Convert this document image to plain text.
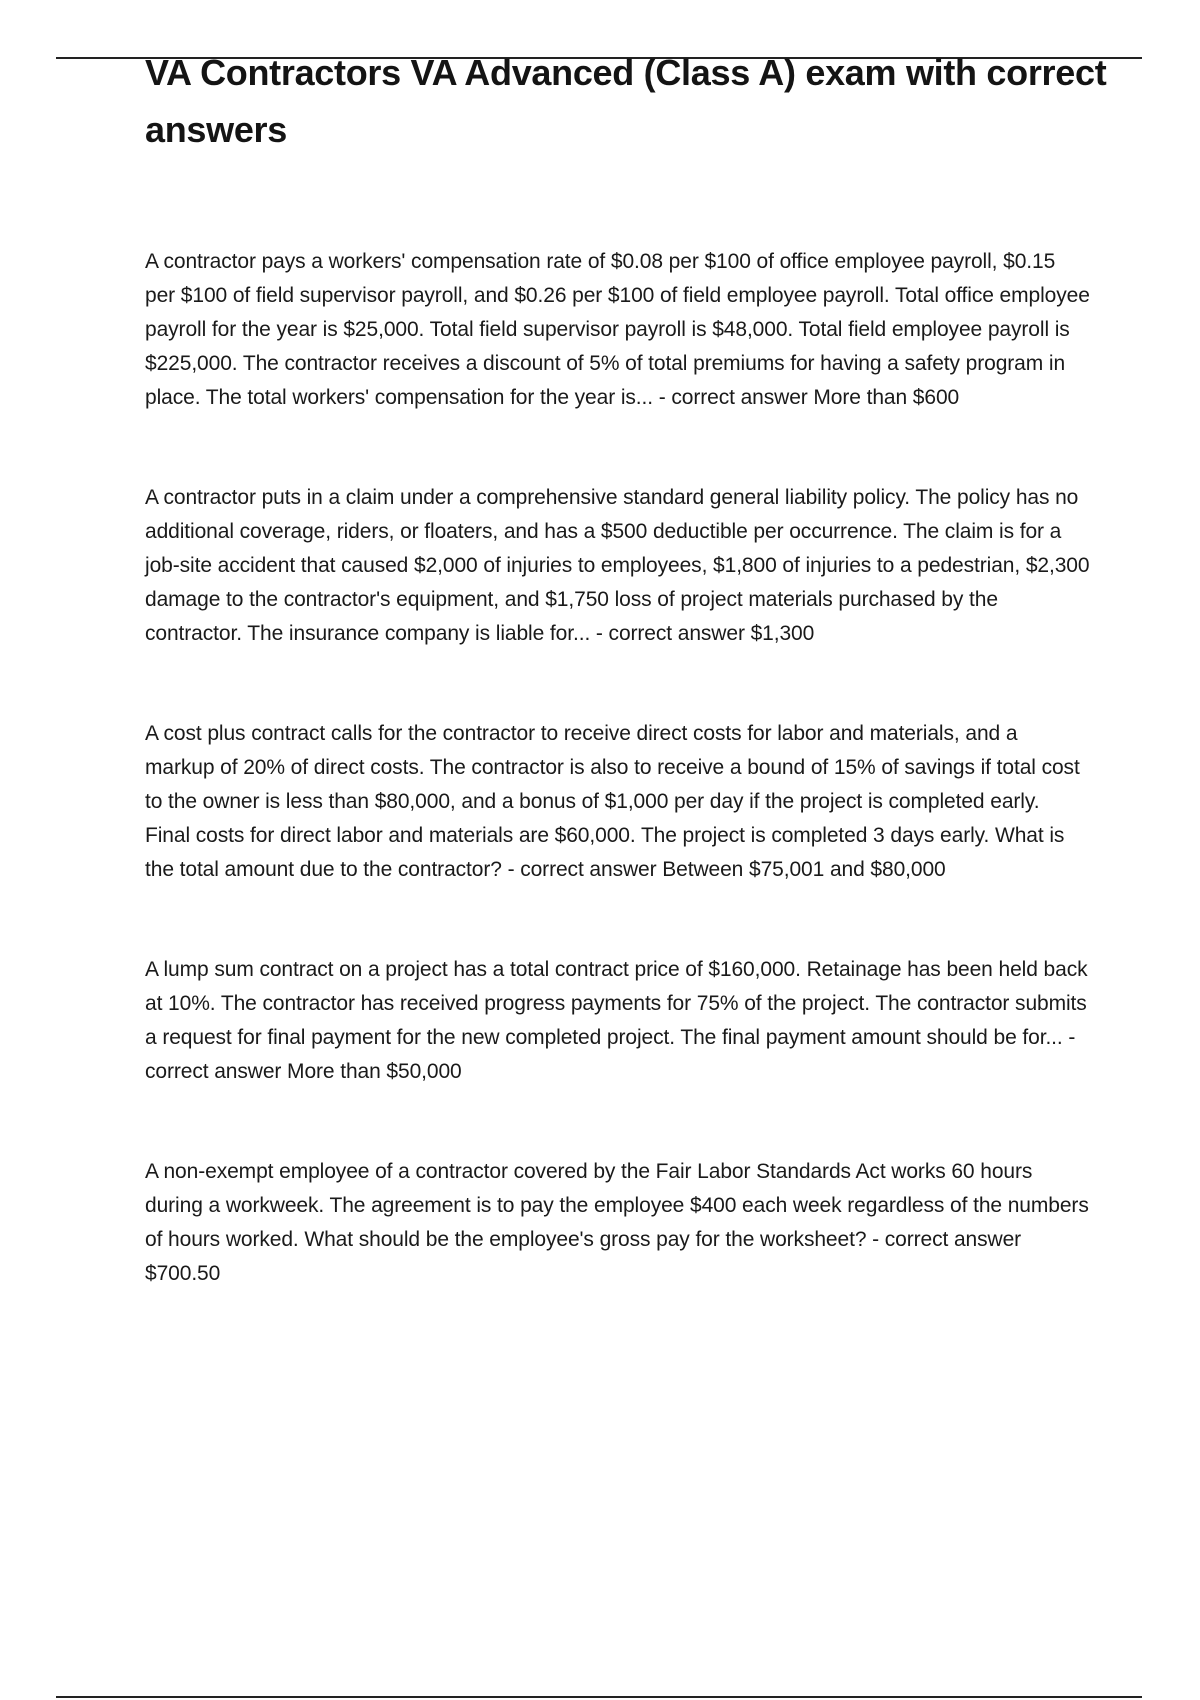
VA Contractors VA Advanced (Class A) exam with correct answers

A contractor pays a workers' compensation rate of $0.08 per $100 of office employee payroll, $0.15 per $100 of field supervisor payroll, and $0.26 per $100 of field employee payroll. Total office employee payroll for the year is $25,000. Total field supervisor payroll is $48,000. Total field employee payroll is $225,000. The contractor receives a discount of 5% of total premiums for having a safety program in place. The total workers' compensation for the year is... - correct answer More than $600

A contractor puts in a claim under a comprehensive standard general liability policy. The policy has no additional coverage, riders, or floaters, and has a $500 deductible per occurrence. The claim is for a job-site accident that caused $2,000 of injuries to employees, $1,800 of injuries to a pedestrian, $2,300 damage to the contractor's equipment, and $1,750 loss of project materials purchased by the contractor. The insurance company is liable for... - correct answer $1,300

A cost plus contract calls for the contractor to receive direct costs for labor and materials, and a markup of 20% of direct costs. The contractor is also to receive a bound of 15% of savings if total cost to the owner is less than $80,000, and a bonus of $1,000 per day if the project is completed early. Final costs for direct labor and materials are $60,000. The project is completed 3 days early. What is the total amount due to the contractor? - correct answer Between $75,001 and $80,000

A lump sum contract on a project has a total contract price of $160,000. Retainage has been held back at 10%. The contractor has received progress payments for 75% of the project. The contractor submits a request for final payment for the new completed project. The final payment amount should be for... - correct answer More than $50,000

A non-exempt employee of a contractor covered by the Fair Labor Standards Act works 60 hours during a workweek. The agreement is to pay the employee $400 each week regardless of the numbers of hours worked. What should be the employee's gross pay for the worksheet? - correct answer $700.50
